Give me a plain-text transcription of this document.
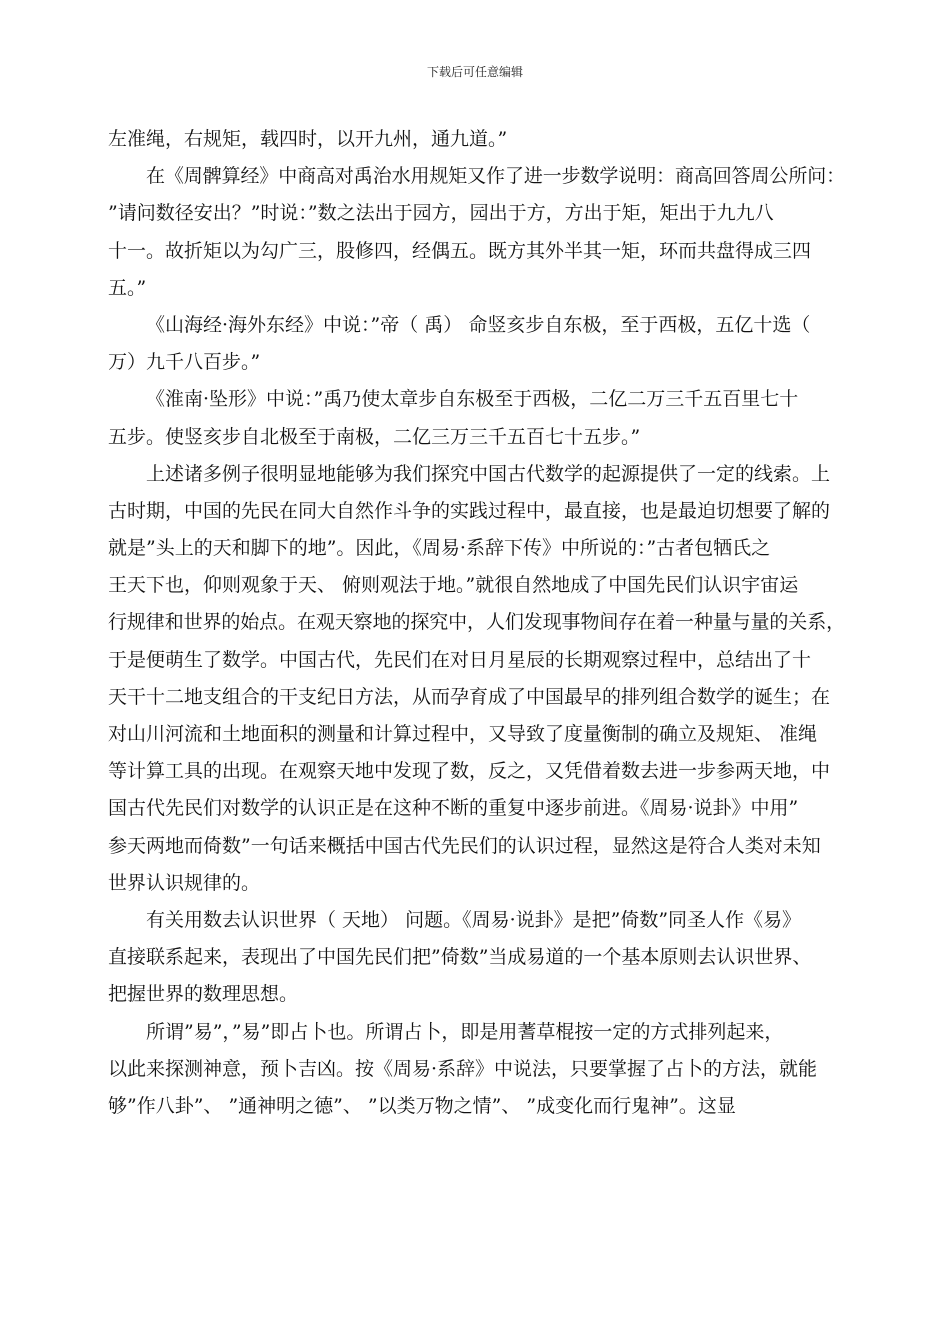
下载后可任意编辑
左准绳，右规矩，载四时，以开九州，通九道。”
在《周髀算经》中商高对禹治水用规矩又作了进一步数学说明：商高回答周公所问：
”请问数径安出？”时说：”数之法出于园方，园出于方，方出于矩，矩出于九九八
十一。故折矩以为勾广三，股修四，经偶五。既方其外半其一矩，环而共盘得成三四
五。”
《山海经·海外东经》中说：”帝（ 禹） 命竖亥步自东极，至于西极，五亿十选（
万）九千八百步。”
《淮南·坠形》中说：”禹乃使太章步自东极至于西极，二亿二万三千五百里七十
五步。使竖亥步自北极至于南极，二亿三万三千五百七十五步。”
上述诸多例子很明显地能够为我们探究中国古代数学的起源提供了一定的线索。上
古时期，中国的先民在同大自然作斗争的实践过程中，最直接，也是最迫切想要了解的
就是”头上的天和脚下的地”。因此，《周易·系辞下传》中所说的：”古者包牺氏之
王天下也，仰则观象于天、 俯则观法于地。”就很自然地成了中国先民们认识宇宙运
行规律和世界的始点。在观天察地的探究中，人们发现事物间存在着一种量与量的关系，
于是便萌生了数学。中国古代，先民们在对日月星辰的长期观察过程中，总结出了十
天干十二地支组合的干支纪日方法，从而孕育成了中国最早的排列组合数学的诞生；在
对山川河流和土地面积的测量和计算过程中，又导致了度量衡制的确立及规矩、 准绳
等计算工具的出现。在观察天地中发现了数，反之，又凭借着数去进一步参两天地，中
国古代先民们对数学的认识正是在这种不断的重复中逐步前进。《周易·说卦》中用”
参天两地而倚数”一句话来概括中国古代先民们的认识过程，显然这是符合人类对未知
世界认识规律的。
有关用数去认识世界（ 天地） 问题。《周易·说卦》是把”倚数”同圣人作《易》
直接联系起来，表现出了中国先民们把”倚数”当成易道的一个基本原则去认识世界、
把握世界的数理思想。
所谓”易”，”易”即占卜也。所谓占卜，即是用蓍草棍按一定的方式排列起来，
以此来探测神意，预卜吉凶。按《周易·系辞》中说法，只要掌握了占卜的方法，就能
够”作八卦”、 ”通神明之德”、 ”以类万物之情”、 ”成变化而行鬼神”。这显
